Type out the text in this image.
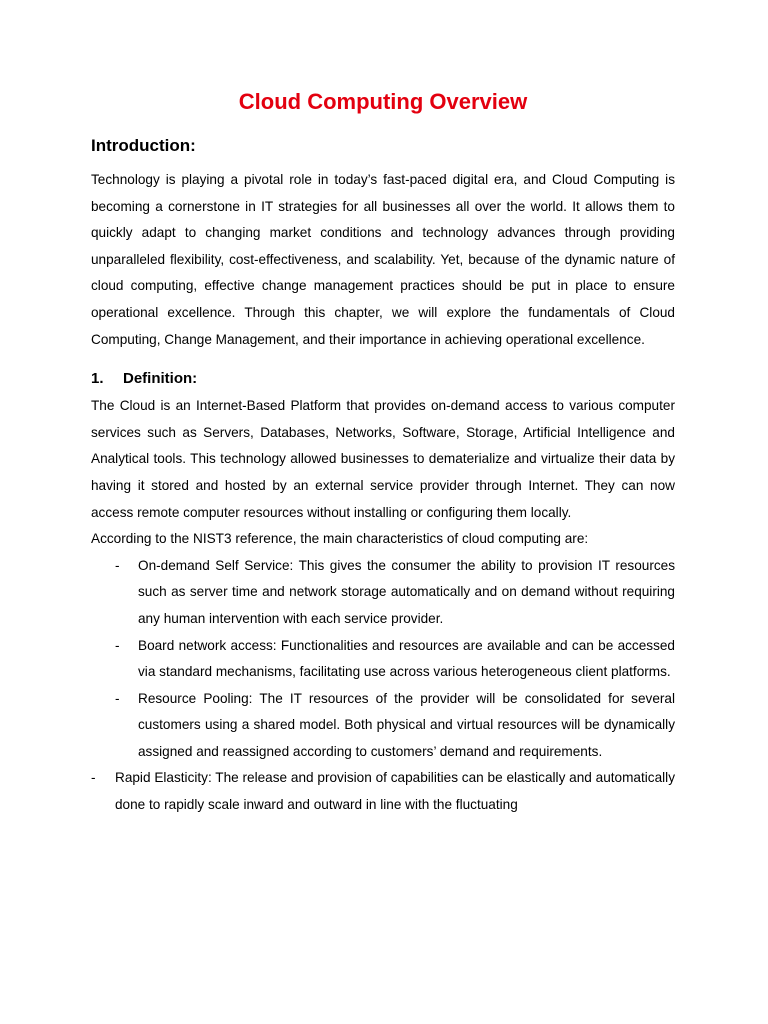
Cloud Computing Overview
Introduction:

Technology is playing a pivotal role in today’s fast-paced digital era, and Cloud Computing is becoming a cornerstone in IT strategies for all businesses all over the world. It allows them to quickly adapt to changing market conditions and technology advances through providing unparalleled flexibility, cost-effectiveness, and scalability. Yet, because of the dynamic nature of cloud computing, effective change management practices should be put in place to ensure operational excellence. Through this chapter, we will explore the fundamentals of Cloud Computing, Change Management, and their importance in achieving operational excellence.

1.	Definition:

The Cloud is an Internet-Based Platform that provides on-demand access to various computer services such as Servers, Databases, Networks, Software, Storage, Artificial Intelligence and Analytical tools. This technology allowed businesses to dematerialize and virtualize their data by having it stored and hosted by an external service provider through Internet. They can now access remote computer resources without installing or configuring them locally.

According to the NIST3 reference, the main characteristics of cloud computing are:

- On-demand Self Service: This gives the consumer the ability to provision IT resources such as server time and network storage automatically and on demand without requiring any human intervention with each service provider.
- Board network access: Functionalities and resources are available and can be accessed via standard mechanisms, facilitating use across various heterogeneous client platforms.
- Resource Pooling: The IT resources of the provider will be consolidated for several customers using a shared model. Both physical and virtual resources will be dynamically assigned and reassigned according to customers’ demand and requirements.
- Rapid Elasticity: The release and provision of capabilities can be elastically and automatically done to rapidly scale inward and outward in line with the fluctuating
